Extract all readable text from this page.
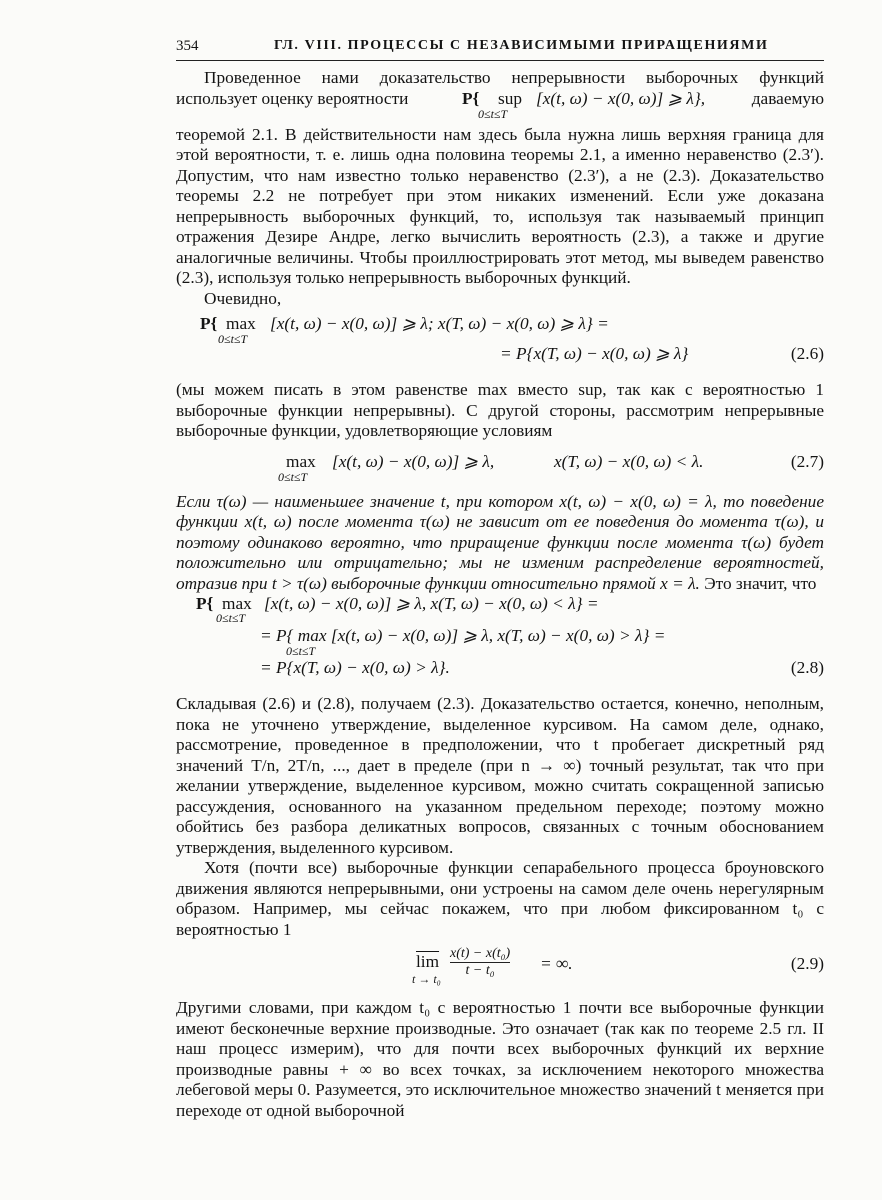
354	ГЛ. VIII. ПРОЦЕССЫ С НЕЗАВИСИМЫМИ ПРИРАЩЕНИЯМИ

Проведенное нами доказательство непрерывности выборочных функций

использует оценку вероятности	P{	sup
0≤t≤T
[x(t, ω) − x(0, ω)] ⩾ λ},	даваемую

теоремой 2.1. В действительности нам здесь была нужна лишь верхняя граница для этой вероятности, т. е. лишь одна половина теоремы 2.1, а именно неравенство (2.3′). Допустим, что нам известно только неравенство (2.3′), а не (2.3). Доказательство теоремы 2.2 не потребует при этом никаких изменений. Если уже доказана непрерывность выборочных функций, то, используя так называемый принцип отражения Дезире Андре, легко вычислить вероятность (2.3), а также и другие аналогичные величины. Чтобы проиллюстрировать этот метод, мы выведем равенство (2.3), используя только непрерывность выборочных функций.

Очевидно,

P{ max
0≤t≤T
[x(t, ω) − x(0, ω)] ⩾ λ; x(T, ω) − x(0, ω) ⩾ λ} =
= P{x(T, ω) − x(0, ω) ⩾ λ}	(2.6)

(мы можем писать в этом равенстве max вместо sup, так как с вероятностью 1 выборочные функции непрерывны). С другой стороны, рассмотрим непрерывные выборочные функции, удовлетворяющие условиям

max
0≤t≤T
[x(t, ω) − x(0, ω)] ⩾ λ,	x(T, ω) − x(0, ω) < λ.	(2.7)

Если τ(ω) — наименьшее значение t, при котором x(t, ω) − x(0, ω) = λ, то поведение функции x(t, ω) после момента τ(ω) не зависит от ее поведения до момента τ(ω), и поэтому одинаково вероятно, что приращение функции после момента τ(ω) будет положительно или отрицательно; мы не изменим распределение вероятностей, отразив при t > τ(ω) выборочные функции относительно прямой x = λ. Это значит, что

P{ max
0≤t≤T
[x(t, ω) − x(0, ω)] ⩾ λ, x(T, ω) − x(0, ω) < λ} =
= P{ max [x(t, ω) − x(0, ω)] ⩾ λ, x(T, ω) − x(0, ω) > λ} =
0≤t≤T
= P{x(T, ω) − x(0, ω) > λ}.	(2.8)

Складывая (2.6) и (2.8), получаем (2.3). Доказательство остается, конечно, неполным, пока не уточнено утверждение, выделенное курсивом. На самом деле, однако, рассмотрение, проведенное в предположении, что t пробегает дискретный ряд значений T/n, 2T/n, ..., дает в пределе (при n → ∞) точный результат, так что при желании утверждение, выделенное курсивом, можно считать сокращенной записью рассуждения, основанного на указанном предельном переходе; поэтому можно обойтись без разбора деликатных вопросов, связанных с точным обоснованием утверждения, выделенного курсивом.

Хотя (почти все) выборочные функции сепарабельного процесса броуновского движения являются непрерывными, они устроены на самом деле очень нерегулярным образом. Например, мы сейчас покажем, что при любом фиксированном t₀ с вероятностью 1

$\overline{lim}$
$t \to t_0 \frac{\text{x(t) − x(t₀)}}{\text{t − t₀}}$ = ∞.	(2.9)

Другими словами, при каждом t₀ с вероятностью 1 почти все выборочные функции имеют бесконечные верхние производные. Это означает (так как по теореме 2.5 гл. II наш процесс измерим), что для почти всех выборочных функций их верхние производные равны + ∞ во всех точках, за исключением некоторого множества лебеговой меры 0. Разумеется, это исключительное множество значений t меняется при переходе от одной выборочной
